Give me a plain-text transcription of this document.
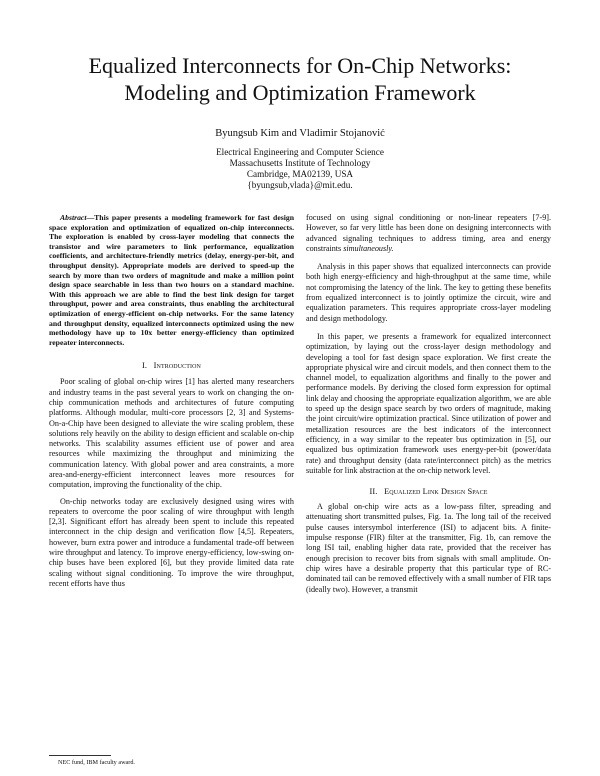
Equalized Interconnects for On-Chip Networks:
Modeling and Optimization Framework
Byungsub Kim and Vladimir Stojanović
Electrical Engineering and Computer Science
Massachusetts Institute of Technology
Cambridge, MA02139, USA
{byungsub,vlada}@mit.edu.

Abstract—This paper presents a modeling framework for fast design space exploration and optimization of equalized on-chip interconnects. The exploration is enabled by cross-layer modeling that connects the transistor and wire parameters to link performance, equalization coefficients, and architecture-friendly metrics (delay, energy-per-bit, and throughput density). Appropriate models are derived to speed-up the search by more than two orders of magnitude and make a million point design space searchable in less than two hours on a standard machine. With this approach we are able to find the best link design for target throughput, power and area constraints, thus enabling the architectural optimization of energy-efficient on-chip networks. For the same latency and throughput density, equalized interconnects optimized using the new methodology have up to 10x better energy-efficiency than optimized repeater interconnects.

I. Introduction

Poor scaling of global on-chip wires [1] has alerted many researchers and industry teams in the past several years to work on changing the on-chip communication methods and architectures of future computing platforms. Although modular, multi-core processors [2, 3] and Systems-On-a-Chip have been designed to alleviate the wire scaling problem, these solutions rely heavily on the ability to design efficient and scalable on-chip networks. This scalability assumes efficient use of power and area resources while maximizing the throughput and minimizing the communication latency. With global power and area constraints, a more area-and-energy-efficient interconnect leaves more resources for computation, improving the functionality of the chip.

On-chip networks today are exclusively designed using wires with repeaters to overcome the poor scaling of wire throughput with length [2,3]. Significant effort has already been spent to include this repeated interconnect in the chip design and verification flow [4,5]. Repeaters, however, burn extra power and introduce a fundamental trade-off between wire throughput and latency. To improve energy-efficiency, low-swing on-chip buses have been explored [6], but they provide limited data rate scaling without signal conditioning. To improve the wire throughput, recent efforts have thus

focused on using signal conditioning or non-linear repeaters [7-9]. However, so far very little has been done on designing interconnects with advanced signaling techniques to address timing, area and energy constraints simultaneously.

Analysis in this paper shows that equalized interconnects can provide both high energy-efficiency and high-throughput at the same time, while not compromising the latency of the link. The key to getting these benefits from equalized interconnect is to jointly optimize the circuit, wire and equalization parameters. This requires appropriate cross-layer modeling and design methodology.

In this paper, we presents a framework for equalized interconnect optimization, by laying out the cross-layer design methodology and developing a tool for fast design space exploration. We first create the appropriate physical wire and circuit models, and then connect them to the channel model, to equalization algorithms and finally to the power and performance models. By deriving the closed form expression for optimal link delay and choosing the appropriate equalization algorithm, we are able to speed up the design space search by two orders of magnitude, making the joint circuit/wire optimization practical. Since utilization of power and metallization resources are the best indicators of the interconnect efficiency, in a way similar to the repeater bus optimization in [5], our equalized bus optimization framework uses energy-per-bit (power/data rate) and throughput density (data rate/interconnect pitch) as the metrics suitable for link abstraction at the on-chip network level.

II. Equalized Link Design Space

A global on-chip wire acts as a low-pass filter, spreading and attenuating short transmitted pulses, Fig. 1a. The long tail of the received pulse causes intersymbol interference (ISI) to adjacent bits. A finite-impulse response (FIR) filter at the transmitter, Fig. 1b, can remove the long ISI tail, enabling higher data rate, provided that the receiver has enough precision to recover bits from signals with small amplitude. On-chip wires have a desirable property that this particular type of RC-dominated tail can be removed effectively with a small number of FIR taps (ideally two). However, a transmit

NEC fund, IBM faculty award.
